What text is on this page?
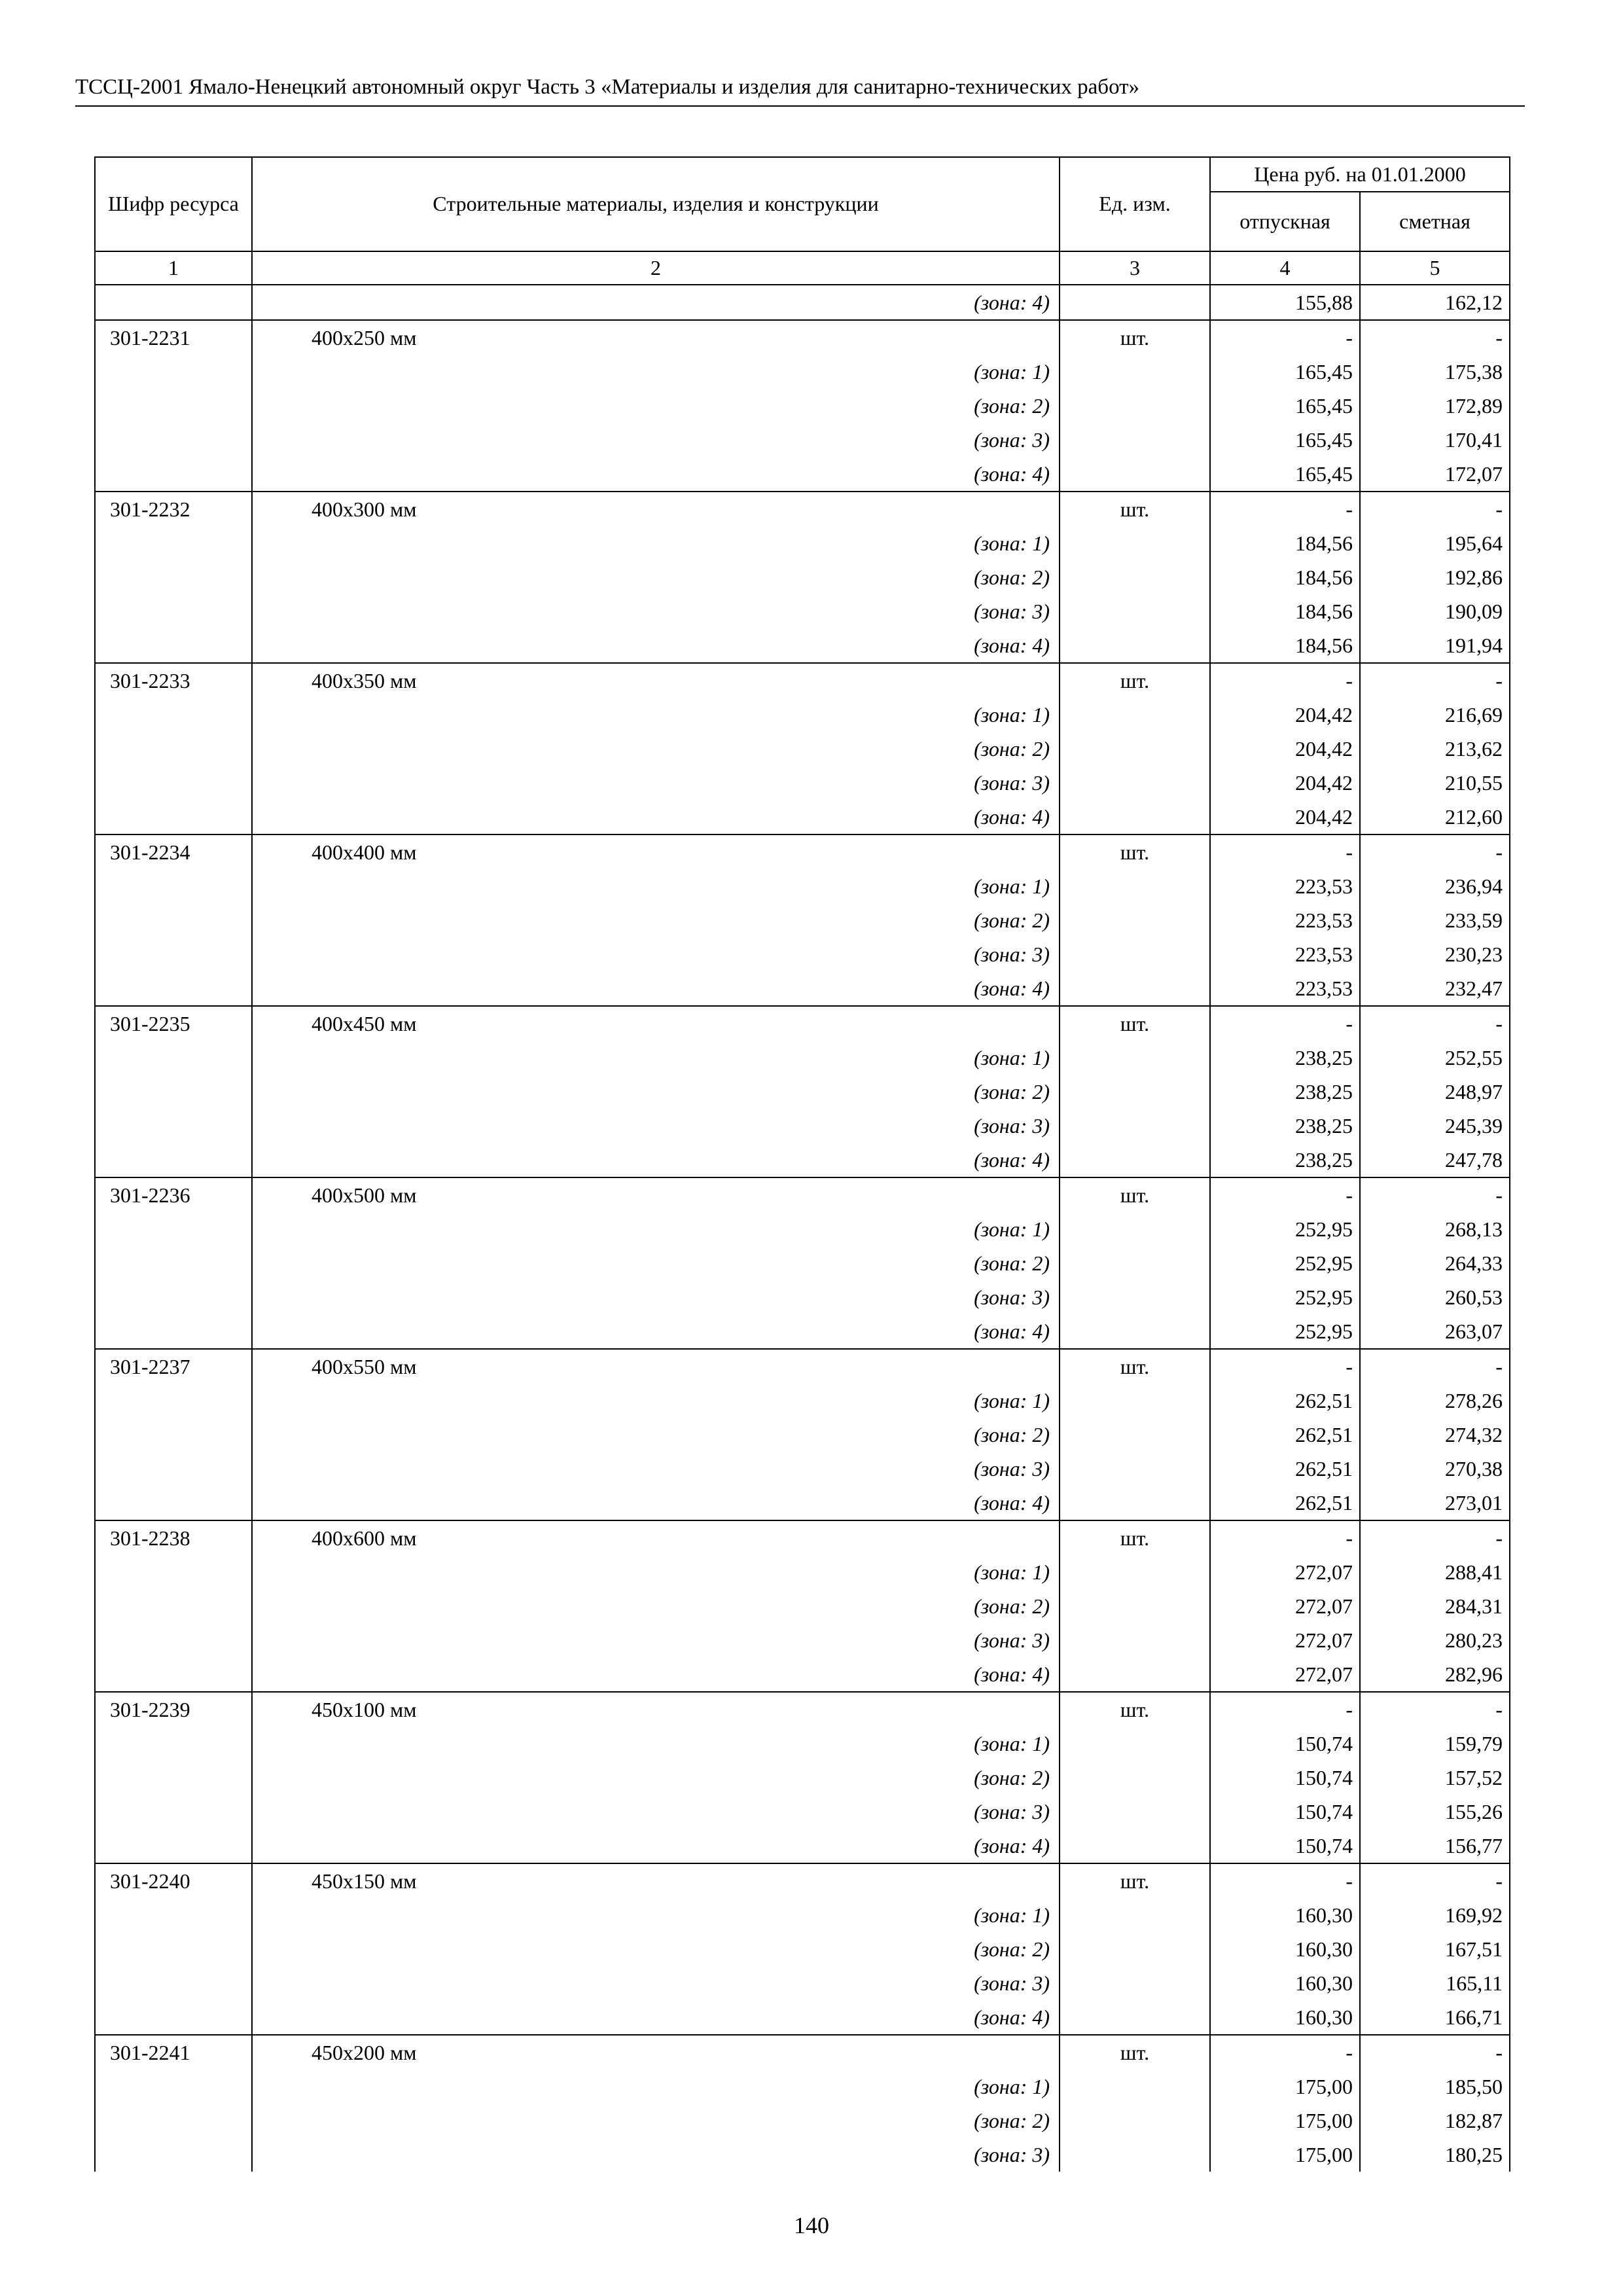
ТССЦ-2001 Ямало-Ненецкий автономный округ Часть 3 «Материалы и изделия для санитарно-технических работ»
Шифр ресурса	Строительные материалы, изделия и конструкции	Ед. изм.	Цена руб. на 01.01.2000	
			отпускная	сметная
1	2	3	4	5
	(зона: 4)		155,88	162,12
301-2231	400х250 мм	шт.	-	-
	(зона: 1)		165,45	175,38
	(зона: 2)		165,45	172,89
	(зона: 3)		165,45	170,41
	(зона: 4)		165,45	172,07
301-2232	400х300 мм	шт.	-	-
	(зона: 1)		184,56	195,64
	(зона: 2)		184,56	192,86
	(зона: 3)		184,56	190,09
	(зона: 4)		184,56	191,94
301-2233	400х350 мм	шт.	-	-
	(зона: 1)		204,42	216,69
	(зона: 2)		204,42	213,62
	(зона: 3)		204,42	210,55
	(зона: 4)		204,42	212,60
301-2234	400х400 мм	шт.	-	-
	(зона: 1)		223,53	236,94
	(зона: 2)		223,53	233,59
	(зона: 3)		223,53	230,23
	(зона: 4)		223,53	232,47
301-2235	400х450 мм	шт.	-	-
	(зона: 1)		238,25	252,55
	(зона: 2)		238,25	248,97
	(зона: 3)		238,25	245,39
	(зона: 4)		238,25	247,78
301-2236	400х500 мм	шт.	-	-
	(зона: 1)		252,95	268,13
	(зона: 2)		252,95	264,33
	(зона: 3)		252,95	260,53
	(зона: 4)		252,95	263,07
301-2237	400х550 мм	шт.	-	-
	(зона: 1)		262,51	278,26
	(зона: 2)		262,51	274,32
	(зона: 3)		262,51	270,38
	(зона: 4)		262,51	273,01
301-2238	400х600 мм	шт.	-	-
	(зона: 1)		272,07	288,41
	(зона: 2)		272,07	284,31
	(зона: 3)		272,07	280,23
	(зона: 4)		272,07	282,96
301-2239	450х100 мм	шт.	-	-
	(зона: 1)		150,74	159,79
	(зона: 2)		150,74	157,52
	(зона: 3)		150,74	155,26
	(зона: 4)		150,74	156,77
301-2240	450х150 мм	шт.	-	-
	(зона: 1)		160,30	169,92
	(зона: 2)		160,30	167,51
	(зона: 3)		160,30	165,11
	(зона: 4)		160,30	166,71
301-2241	450х200 мм	шт.	-	-
	(зона: 1)		175,00	185,50
	(зона: 2)		175,00	182,87
	(зона: 3)		175,00	180,25
140
